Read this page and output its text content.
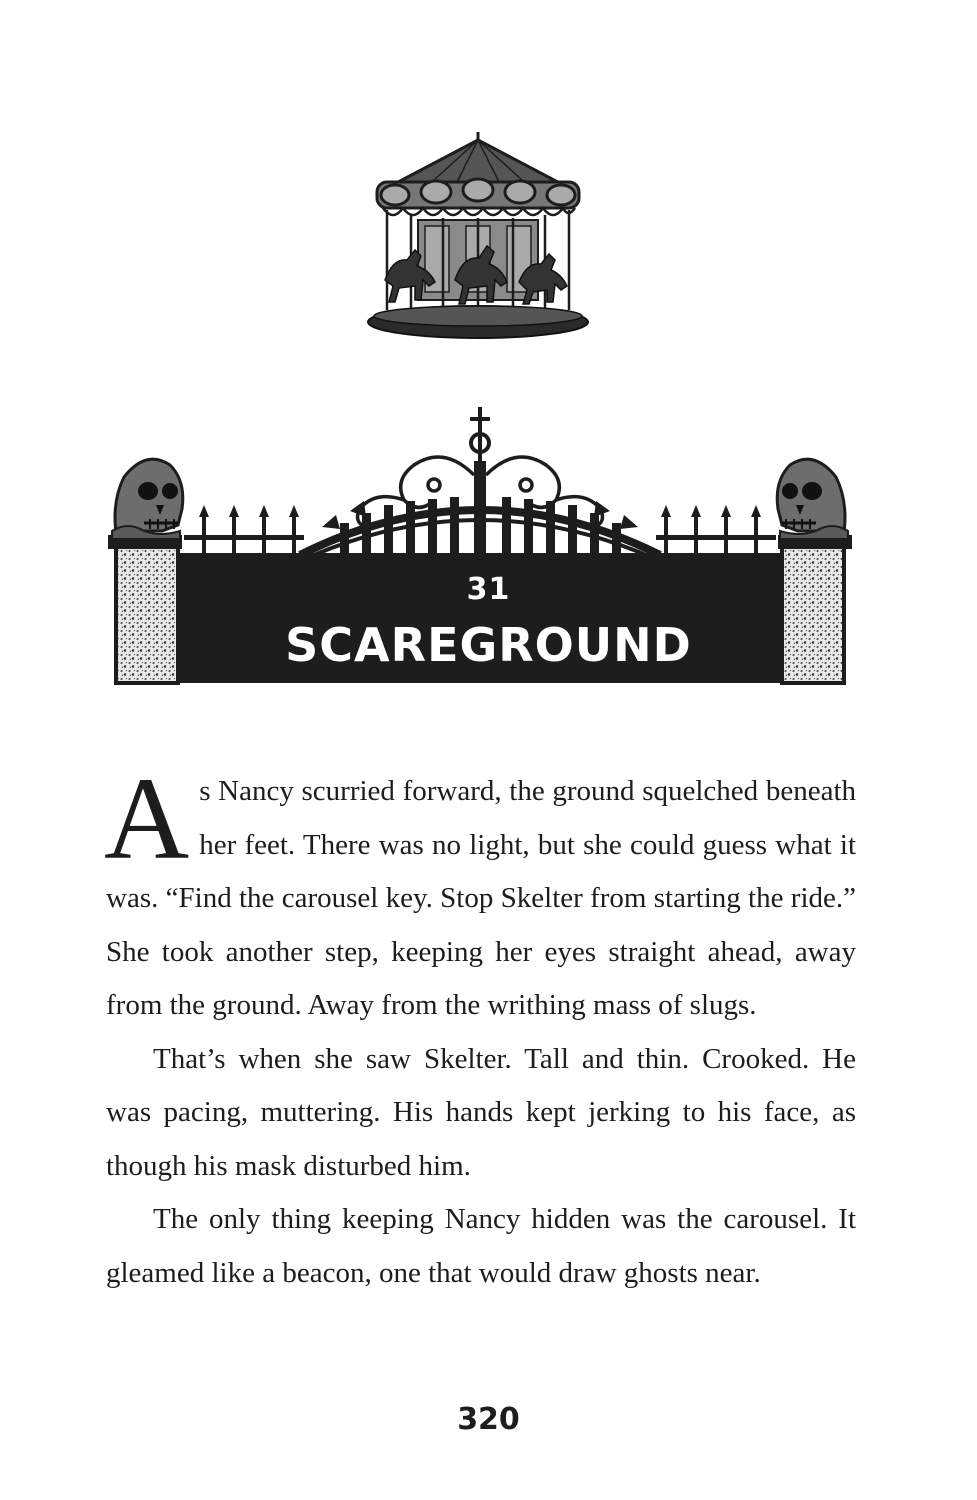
31
SCAREGROUND

As Nancy scurried forward, the ground squelched beneath her feet. There was no light, but she could guess what it was. “Find the carousel key. Stop Skelter from starting the ride.” She took another step, keeping her eyes straight ahead, away from the ground. Away from the writhing mass of slugs.

That’s when she saw Skelter. Tall and thin. Crooked. He was pacing, muttering. His hands kept jerking to his face, as though his mask disturbed him.

The only thing keeping Nancy hidden was the carousel. It gleamed like a beacon, one that would draw ghosts near.

320
